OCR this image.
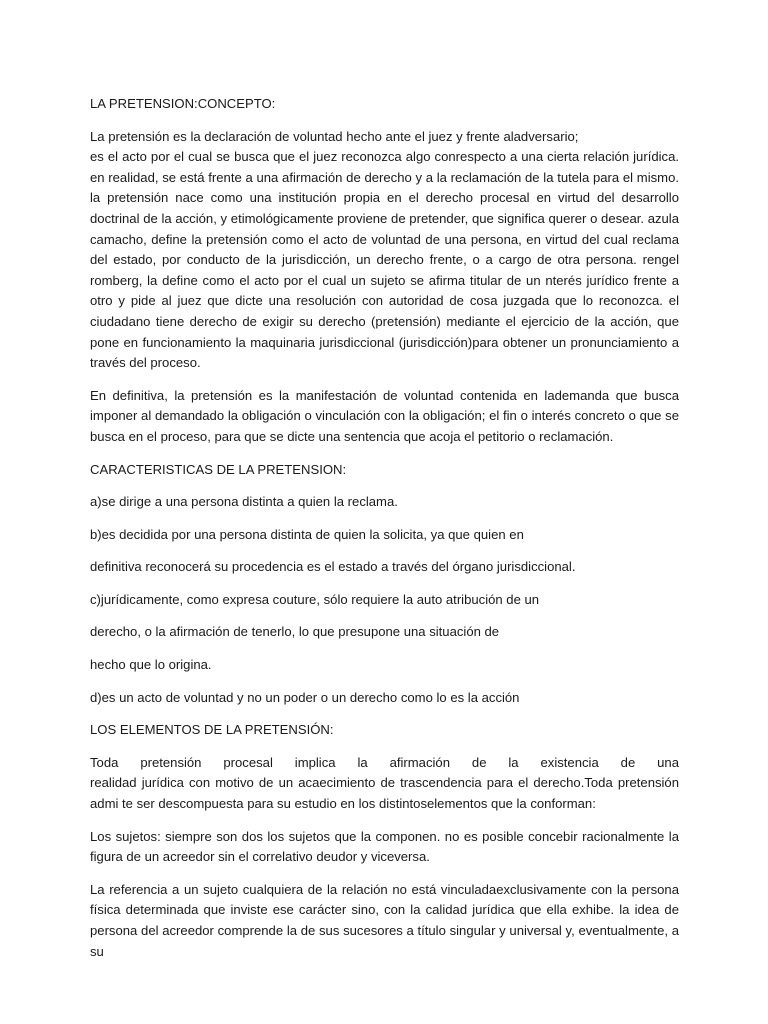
LA PRETENSION:CONCEPTO:

La pretensión es la declaración de voluntad hecho ante el juez y frente aladversario;
es el acto por el cual se busca que el juez reconozca algo conrespecto a una cierta relación jurídica. en realidad, se está frente a una afirmación de derecho y a la reclamación de la tutela para el mismo. la pretensión nace como una institución propia en el derecho procesal en virtud del desarrollo doctrinal de la acción, y etimológicamente proviene de pretender, que significa querer o desear. azula camacho, define la pretensión como el acto de voluntad de una persona, en virtud del cual reclama del estado, por conducto de la jurisdicción, un derecho frente, o a cargo de otra persona. rengel romberg, la define como el acto por el cual un sujeto se afirma titular de un nterés jurídico frente a otro y pide al juez que dicte una resolución con autoridad de cosa juzgada que lo reconozca. el ciudadano tiene derecho de exigir su derecho (pretensión) mediante el ejercicio de la acción, que pone en funcionamiento la maquinaria jurisdiccional (jurisdicción)para obtener un pronunciamiento a través del proceso.

En definitiva, la pretensión es la manifestación de voluntad contenida en lademanda que busca imponer al demandado la obligación o vinculación con la obligación; el fin o interés concreto o que se busca en el proceso, para que se dicte una sentencia que acoja el petitorio o reclamación.

CARACTERISTICAS DE LA PRETENSION:

a)se dirige a una persona distinta a quien la reclama.

b)es decidida por una persona distinta de quien la solicita, ya que quien en

definitiva reconocerá su procedencia es el estado a través del órgano jurisdiccional.

c)jurídicamente, como expresa couture, sólo requiere la auto atribución de un

derecho, o la afirmación de tenerlo, lo que presupone una situación de

hecho que lo origina.

d)es un acto de voluntad y no un poder o un derecho como lo es la acción

LOS ELEMENTOS DE LA PRETENSIÓN:

Toda pretensión procesal implica la afirmación de la existencia de una
realidad jurídica con motivo de un acaecimiento de trascendencia para el derecho.Toda pretensión admi te ser descompuesta para su estudio en los distintoselementos que la conforman:

Los sujetos: siempre son dos los sujetos que la componen. no es posible concebir racionalmente la figura de un acreedor sin el correlativo deudor y viceversa.

La referencia a un sujeto cualquiera de la relación no está vinculadaexclusivamente con la persona física determinada que inviste ese carácter sino, con la calidad jurídica que ella exhibe. la idea de persona del acreedor comprende la de sus sucesores a título singular y universal y, eventualmente, a su
